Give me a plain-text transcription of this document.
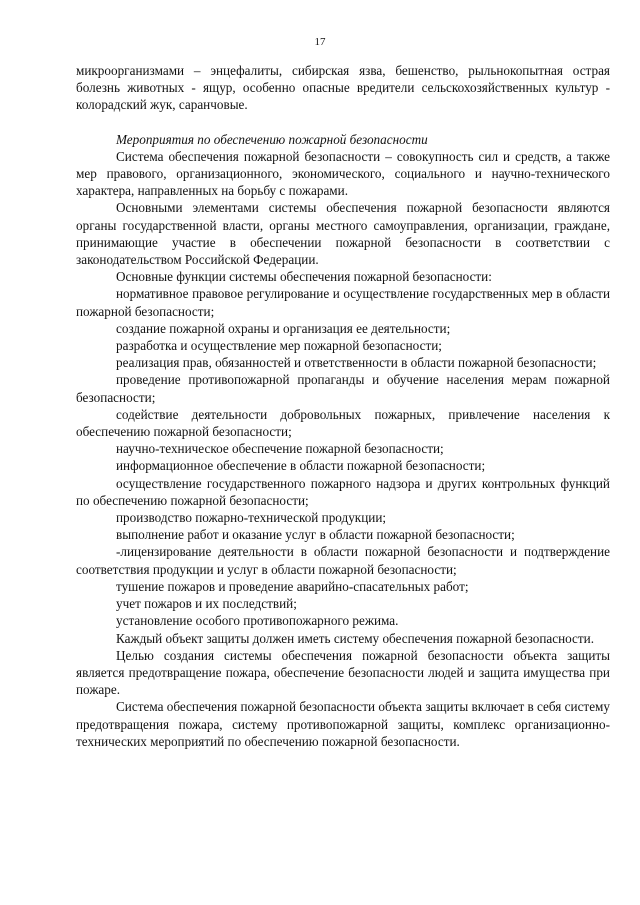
17

микроорганизмами – энцефалиты, сибирская язва, бешенство, рыльнокопытная острая болезнь животных - ящур, особенно опасные вредители сельскохозяйственных культур - колорадский жук, саранчовые.

Мероприятия по обеспечению пожарной безопасности

Система обеспечения пожарной безопасности – совокупность сил и средств, а также мер правового, организационного, экономического, социального и научно-технического характера, направленных на борьбу с пожарами.

Основными элементами системы обеспечения пожарной безопасности являются органы государственной власти, органы местного самоуправления, организации, граждане, принимающие участие в обеспечении пожарной безопасности в соответствии с законодательством Российской Федерации.

Основные функции системы обеспечения пожарной безопасности:

нормативное правовое регулирование и осуществление государственных мер в области пожарной безопасности;

создание пожарной охраны и организация ее деятельности;

разработка и осуществление мер пожарной безопасности;

реализация прав, обязанностей и ответственности в области пожарной безопасности;

проведение противопожарной пропаганды и обучение населения мерам пожарной безопасности;

содействие деятельности добровольных пожарных, привлечение населения к обеспечению пожарной безопасности;

научно-техническое обеспечение пожарной безопасности;

информационное обеспечение в области пожарной безопасности;

осуществление государственного пожарного надзора и других контрольных функций по обеспечению пожарной безопасности;

производство пожарно-технической продукции;

выполнение работ и оказание услуг в области пожарной безопасности;

-лицензирование деятельности в области пожарной безопасности и подтверждение соответствия продукции и услуг в области пожарной безопасности;

тушение пожаров и проведение аварийно-спасательных работ;

учет пожаров и их последствий;

установление особого противопожарного режима.

Каждый объект защиты должен иметь систему обеспечения пожарной безопасности.

Целью создания системы обеспечения пожарной безопасности объекта защиты является предотвращение пожара, обеспечение безопасности людей и защита имущества при пожаре.

Система обеспечения пожарной безопасности объекта защиты включает в себя систему предотвращения пожара, систему противопожарной защиты, комплекс организационно-технических мероприятий по обеспечению пожарной безопасности.
